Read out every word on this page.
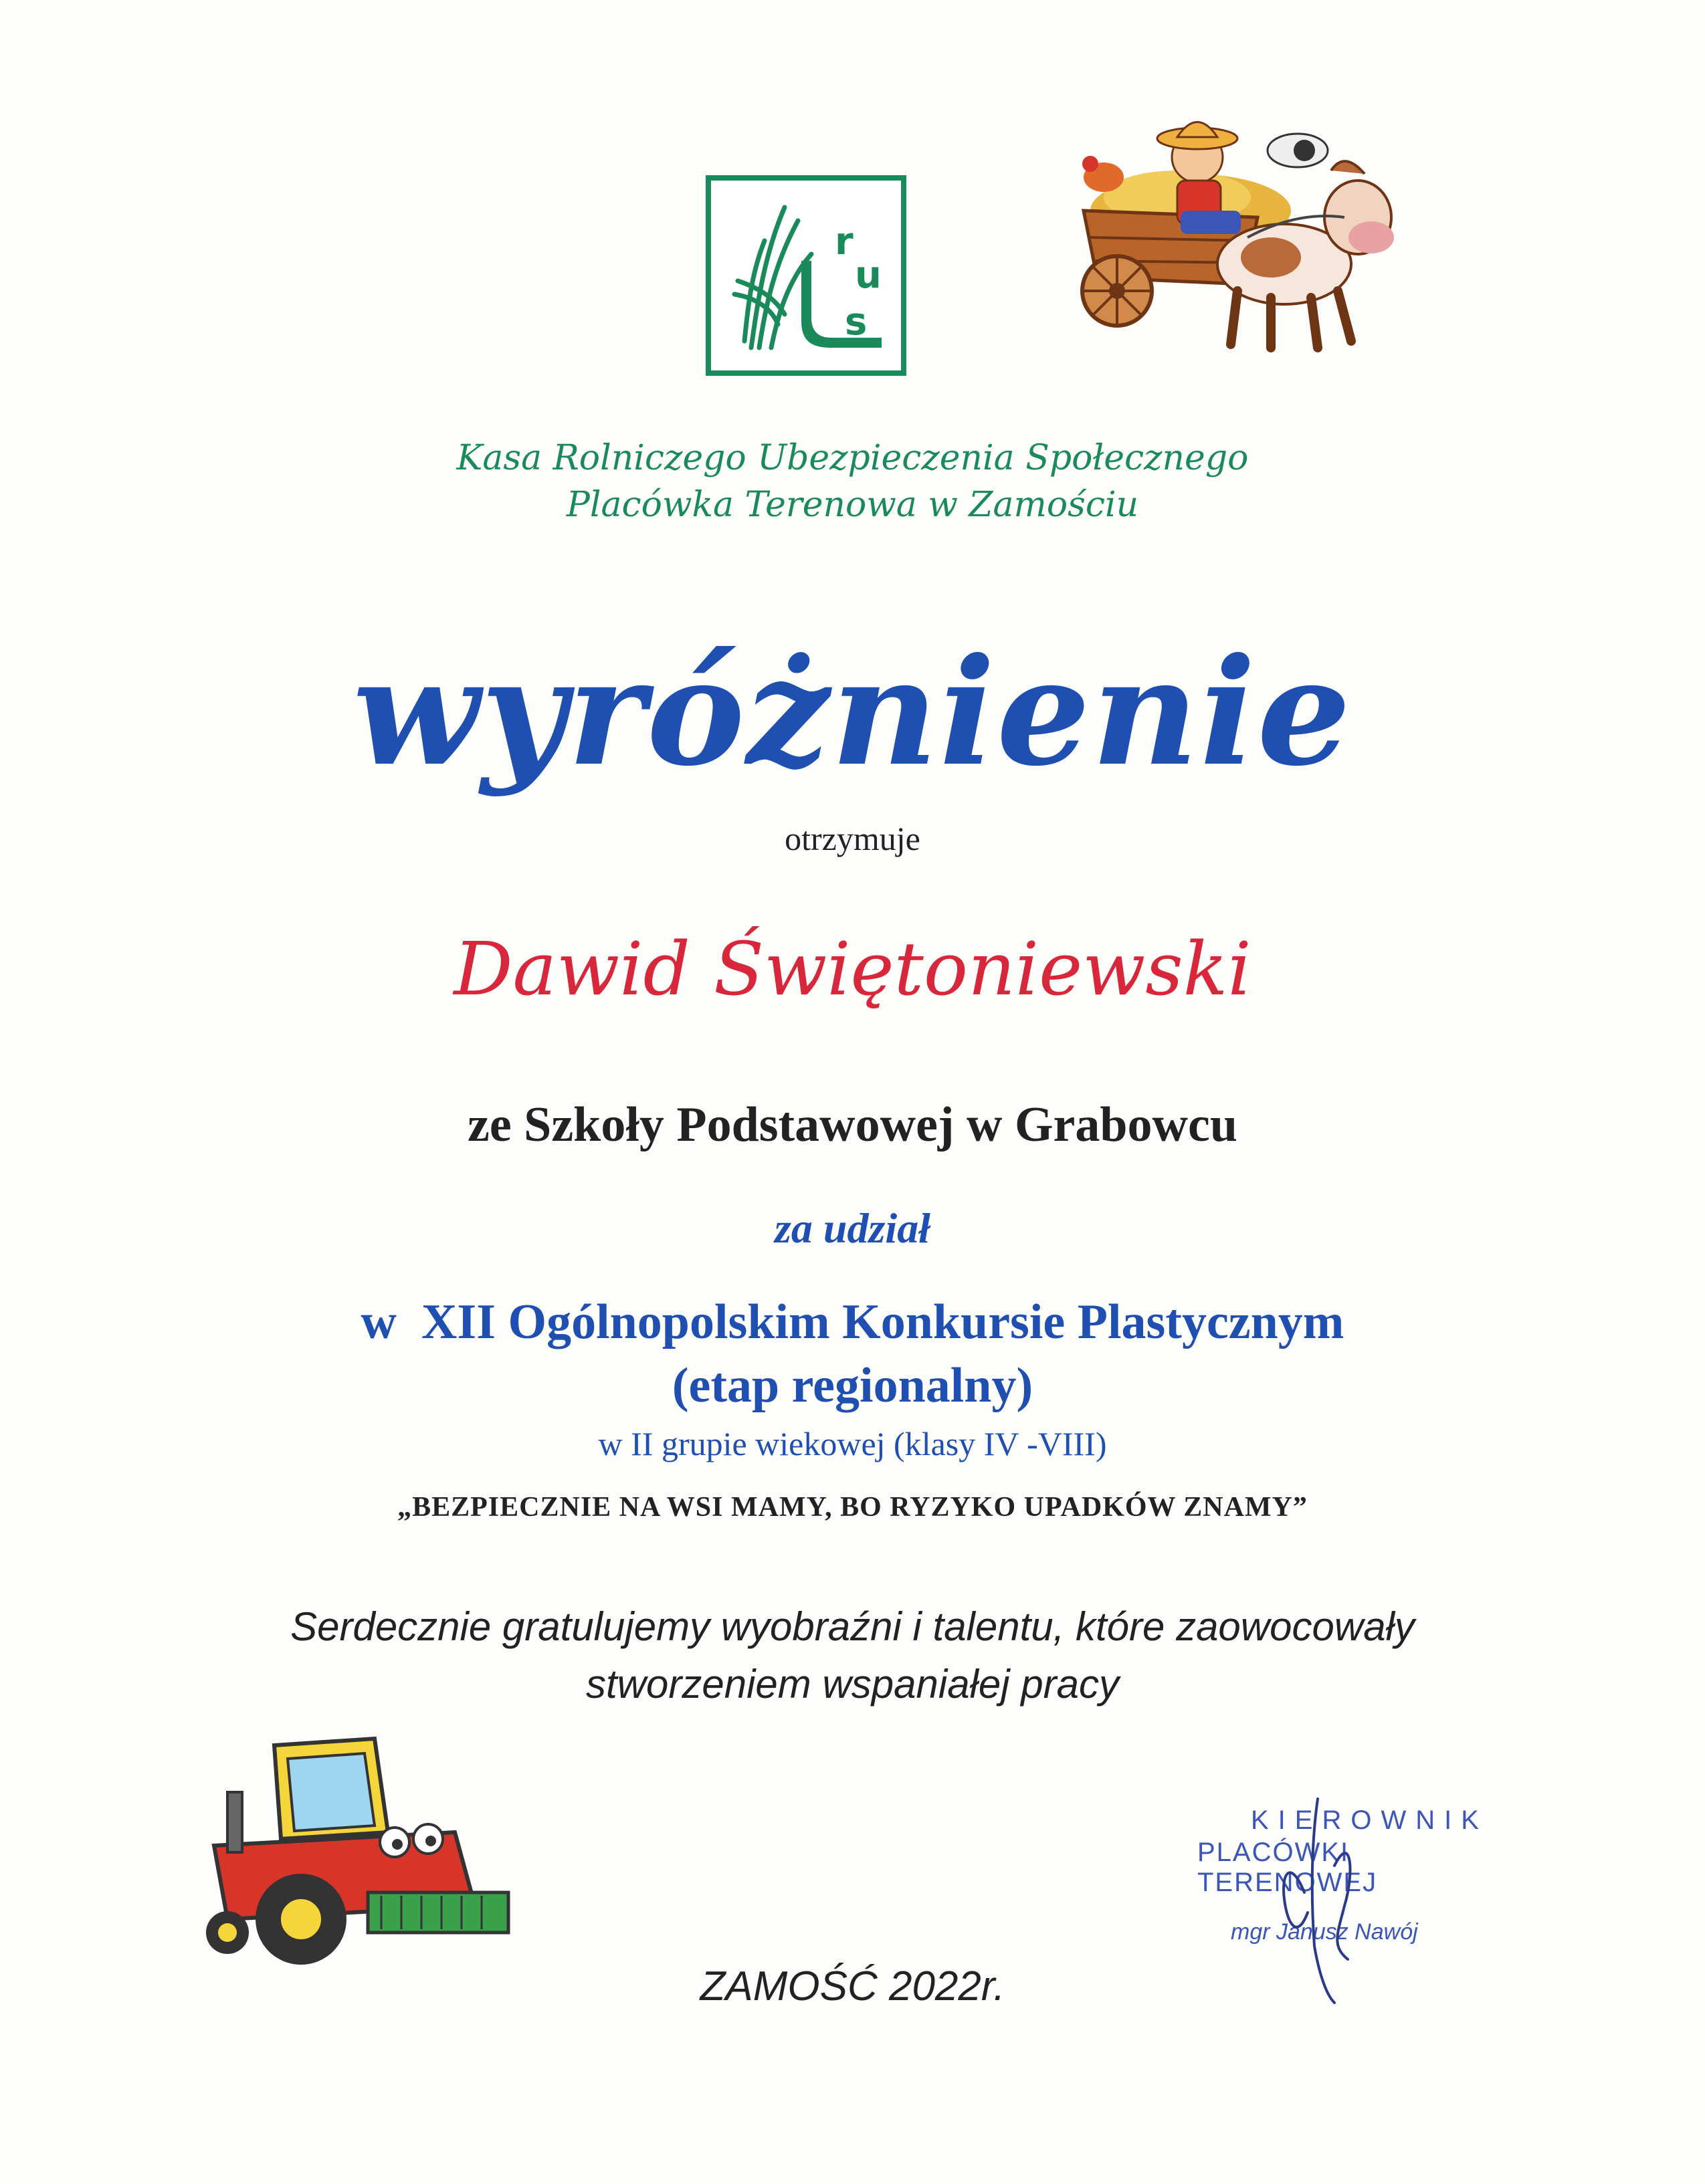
r
u
s
Kasa Rolniczego Ubezpieczenia Społecznego
Placówka Terenowa w Zamościu
wyróżnienie
otrzymuje
Dawid Świętoniewski
ze Szkoły Podstawowej w Grabowcu
za udział
w  XII Ogólnopolskim Konkursie Plastycznym
(etap regionalny)
w II grupie wiekowej (klasy IV -VIII)
„BEZPIECZNIE NA WSI MAMY, BO RYZYKO UPADKÓW ZNAMY”
Serdecznie gratulujemy wyobraźni i talentu, które zaowocowały
stworzeniem wspaniałej pracy
KIEROWNIK
PLACÓWKI TERENOWEJ
mgr Janusz Nawój
ZAMOŚĆ 2022r.
